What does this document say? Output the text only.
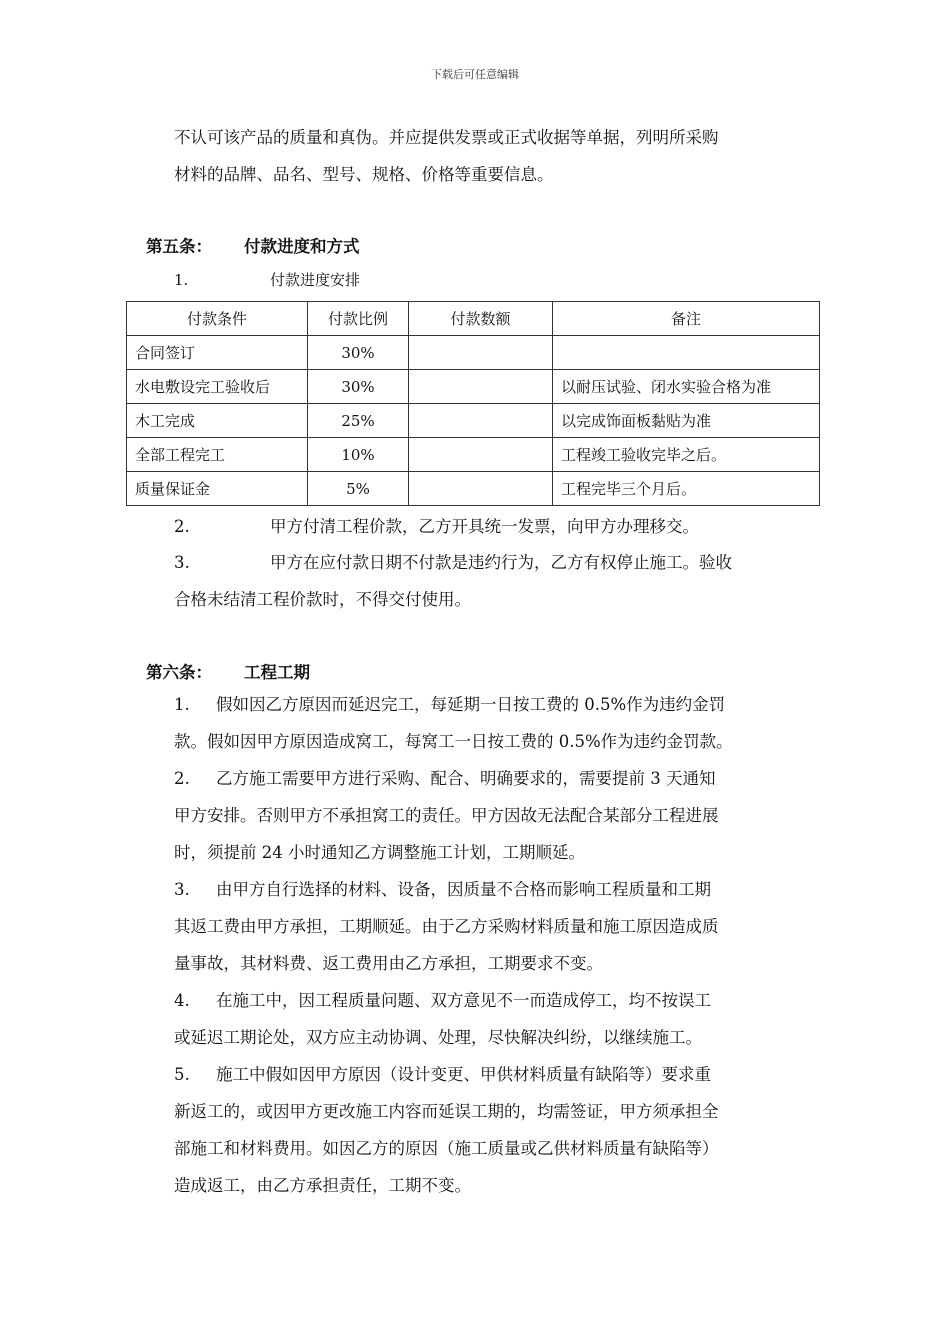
下载后可任意编辑
不认可该产品的质量和真伪。并应提供发票或正式收据等单据，列明所采购
材料的品牌、品名、型号、规格、价格等重要信息。
第五条： 付款进度和方式
1.	付款进度安排
付款条件	付款比例	付款数额	备注
合同签订	30%		
水电敷设完工验收后	30%		以耐压试验、闭水实验合格为准
木工完成	25%		以完成饰面板黏贴为准
全部工程完工	10%		工程竣工验收完毕之后。
质量保证金	5%		工程完毕三个月后。
2.	甲方付清工程价款，乙方开具统一发票，向甲方办理移交。
3.	甲方在应付款日期不付款是违约行为，乙方有权停止施工。验收
合格未结清工程价款时，不得交付使用。
第六条： 工程工期
1. 假如因乙方原因而延迟完工，每延期一日按工费的 0.5%作为违约金罚
款。假如因甲方原因造成窝工，每窝工一日按工费的 0.5%作为违约金罚款。
2. 乙方施工需要甲方进行采购、配合、明确要求的，需要提前 3 天通知
甲方安排。否则甲方不承担窝工的责任。甲方因故无法配合某部分工程进展
时，须提前 24 小时通知乙方调整施工计划，工期顺延。
3. 由甲方自行选择的材料、设备，因质量不合格而影响工程质量和工期
其返工费由甲方承担，工期顺延。由于乙方采购材料质量和施工原因造成质
量事故，其材料费、返工费用由乙方承担，工期要求不变。
4. 在施工中，因工程质量问题、双方意见不一而造成停工，均不按误工
或延迟工期论处，双方应主动协调、处理，尽快解决纠纷，以继续施工。
5. 施工中假如因甲方原因（设计变更、甲供材料质量有缺陷等）要求重
新返工的，或因甲方更改施工内容而延误工期的，均需签证，甲方须承担全
部施工和材料费用。如因乙方的原因（施工质量或乙供材料质量有缺陷等）
造成返工，由乙方承担责任，工期不变。
